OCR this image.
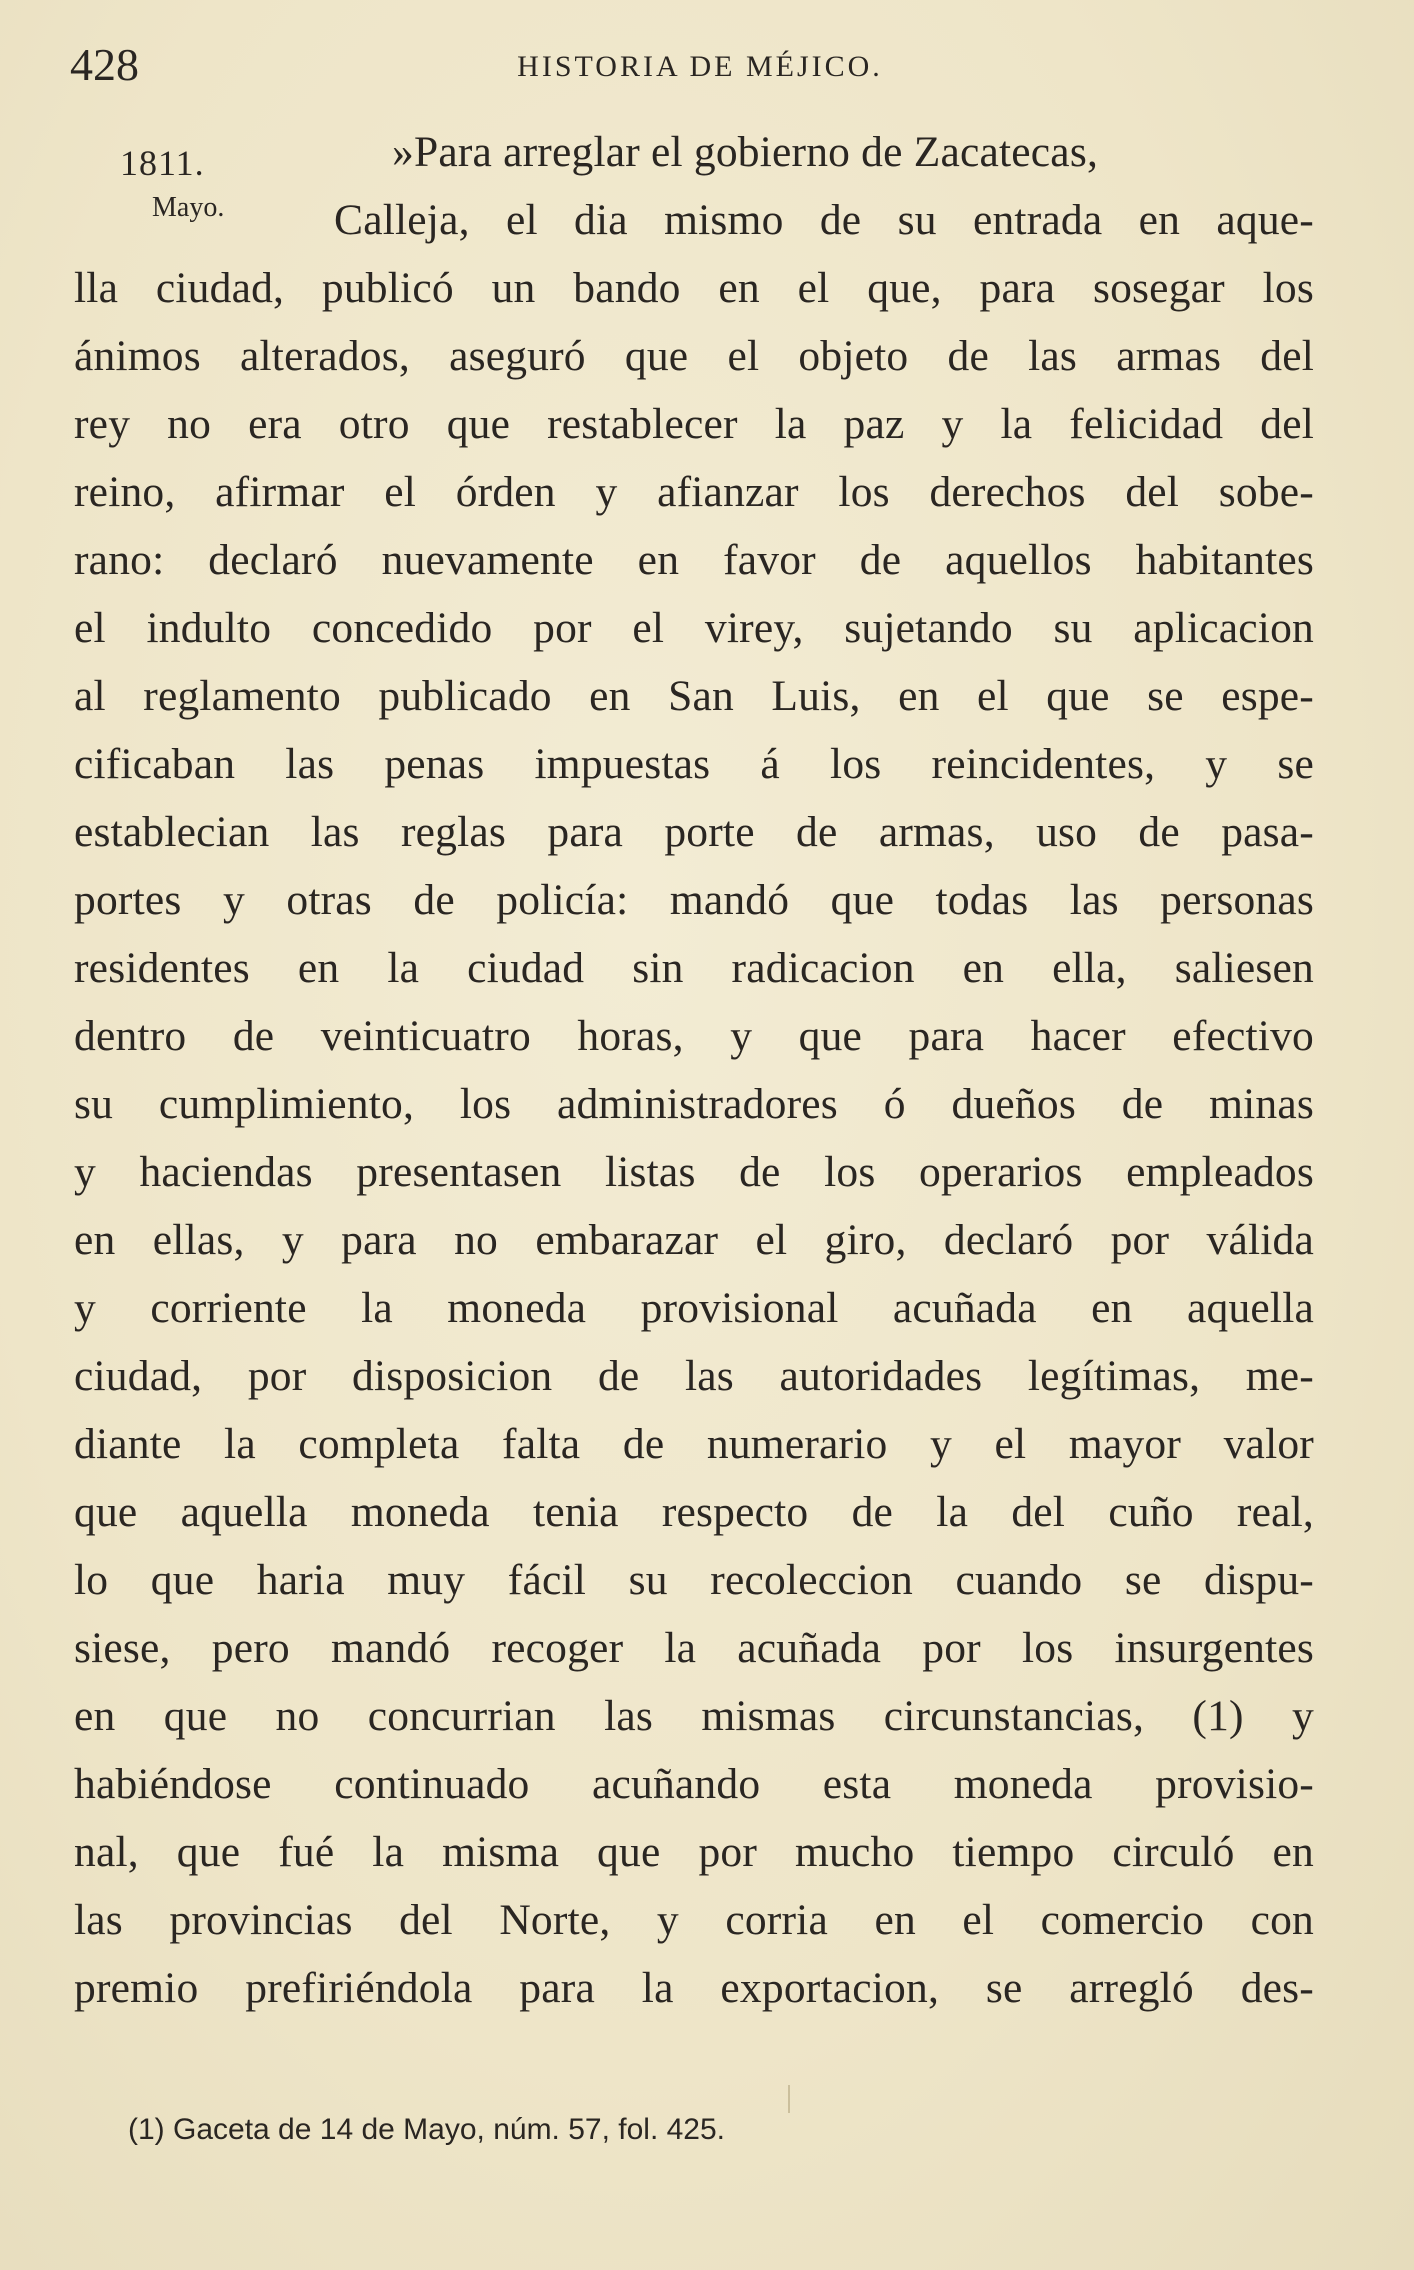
428	HISTORIA DE MÉJICO.
1811.
Mayo.
»Para arreglar el gobierno de Zacatecas,
Calleja, el dia mismo de su entrada en aque-
lla ciudad, publicó un bando en el que, para sosegar los
ánimos alterados, aseguró que el objeto de las armas del
rey no era otro que restablecer la paz y la felicidad del
reino, afirmar el órden y afianzar los derechos del sobe-
rano: declaró nuevamente en favor de aquellos habitantes
el indulto concedido por el virey, sujetando su aplicacion
al reglamento publicado en San Luis, en el que se espe-
cificaban las penas impuestas á los reincidentes, y se
establecian las reglas para porte de armas, uso de pasa-
portes y otras de policía: mandó que todas las personas
residentes en la ciudad sin radicacion en ella, saliesen
dentro de veinticuatro horas, y que para hacer efectivo
su cumplimiento, los administradores ó dueños de minas
y haciendas presentasen listas de los operarios empleados
en ellas, y para no embarazar el giro, declaró por válida
y corriente la moneda provisional acuñada en aquella
ciudad, por disposicion de las autoridades legítimas, me-
diante la completa falta de numerario y el mayor valor
que aquella moneda tenia respecto de la del cuño real,
lo que haria muy fácil su recoleccion cuando se dispu-
siese, pero mandó recoger la acuñada por los insurgentes
en que no concurrian las mismas circunstancias, (1) y
habiéndose continuado acuñando esta moneda provisio-
nal, que fué la misma que por mucho tiempo circuló en
las provincias del Norte, y corria en el comercio con
premio prefiriéndola para la exportacion, se arregló des-
(1) Gaceta de 14 de Mayo, núm. 57, fol. 425.
